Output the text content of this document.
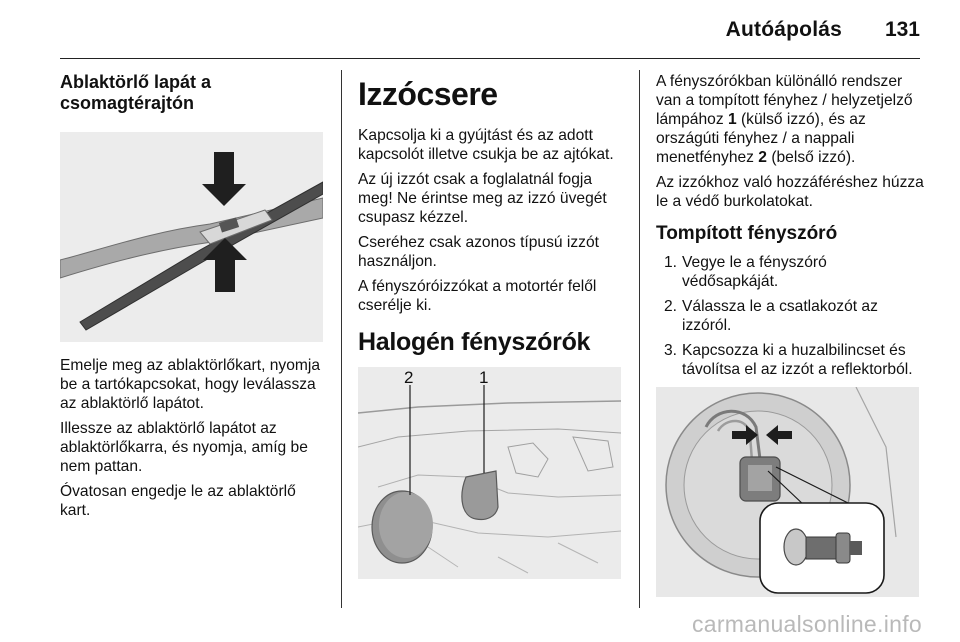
Autóápolás 131
Ablaktörlő lapát a csomagtérajtón

Emelje meg az ablaktörlőkart, nyomja be a tartókapcsokat, hogy leválassza az ablaktörlő lapátot.

Illessze az ablaktörlő lapátot az ablaktörlőkarra, és nyomja, amíg be nem pattan.

Óvatosan engedje le az ablaktörlő kart.

Izzócsere

Kapcsolja ki a gyújtást és az adott kapcsolót illetve csukja be az ajtókat.

Az új izzót csak a foglalatnál fogja meg! Ne érintse meg az izzó üvegét csupasz kézzel.

Cseréhez csak azonos típusú izzót használjon.

A fényszóróizzókat a motortér felől cserélje ki.

Halogén fényszórók
2	1

A fényszórókban különálló rendszer van a tompított fényhez / helyzetjelző lámpához 1 (külső izzó), és az országúti fényhez / a nappali menetfényhez 2 (belső izzó).

Az izzókhoz való hozzáféréshez húzza le a védő burkolatokat.

Tompított fényszóró
1. Vegye le a fényszóró védősapkáját.
2. Válassza le a csatlakozót az izzóról.
3. Kapcsozza ki a huzalbilincset és távolítsa el az izzót a reflektorból.
carmanualsonline.info
